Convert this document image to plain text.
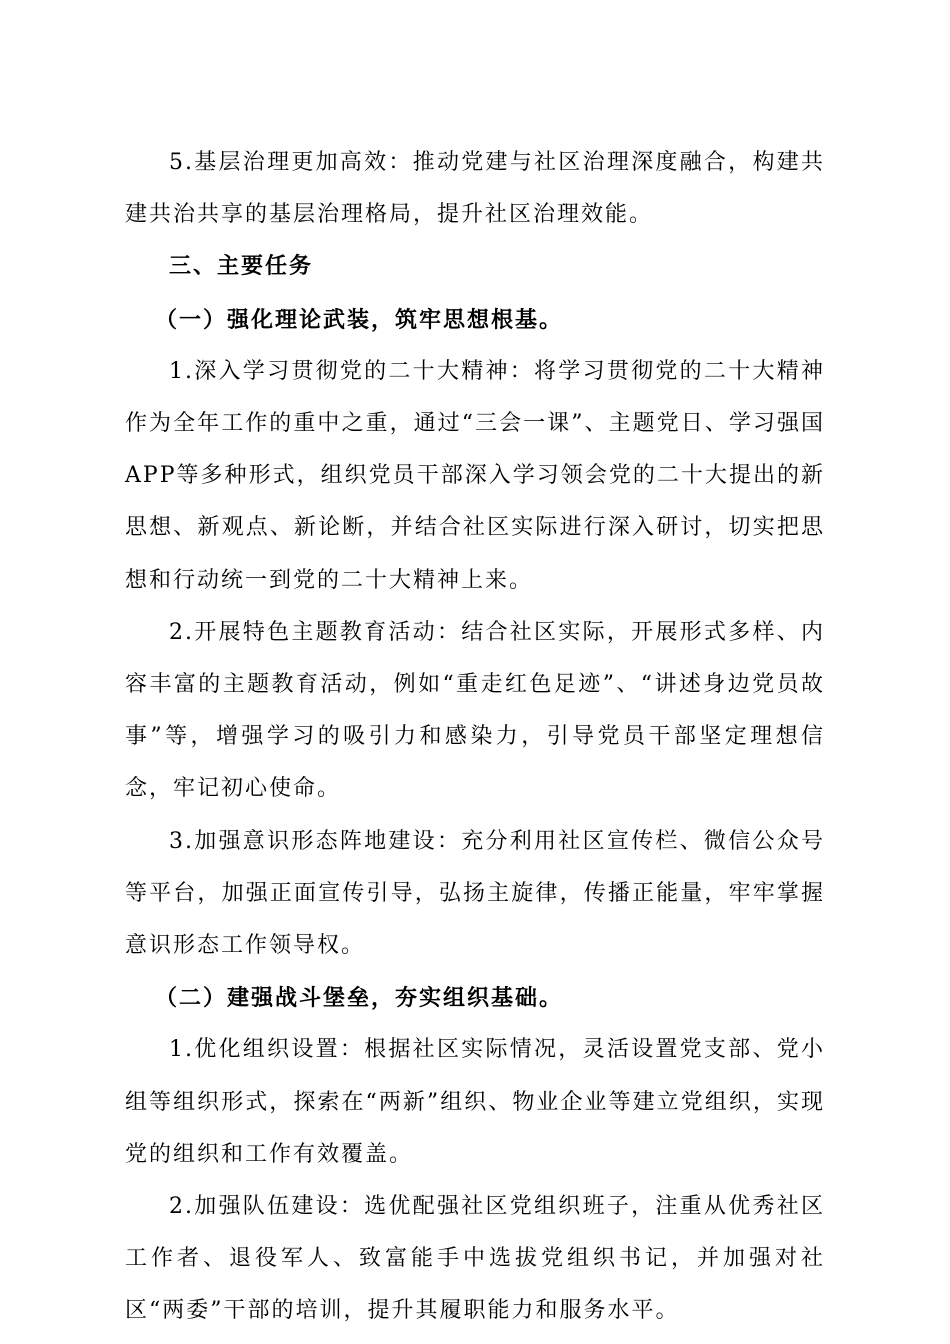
5.基层治理更加高效：推动党建与社区治理深度融合，构建共建共治共享的基层治理格局，提升社区治理效能。

三、主要任务

（一）强化理论武装，筑牢思想根基。

1.深入学习贯彻党的二十大精神：将学习贯彻党的二十大精神作为全年工作的重中之重，通过“三会一课”、主题党日、学习强国APP等多种形式，组织党员干部深入学习领会党的二十大提出的新思想、新观点、新论断，并结合社区实际进行深入研讨，切实把思想和行动统一到党的二十大精神上来。

2.开展特色主题教育活动：结合社区实际，开展形式多样、内容丰富的主题教育活动，例如“重走红色足迹”、“讲述身边党员故事”等，增强学习的吸引力和感染力，引导党员干部坚定理想信念，牢记初心使命。

3.加强意识形态阵地建设：充分利用社区宣传栏、微信公众号等平台，加强正面宣传引导，弘扬主旋律，传播正能量，牢牢掌握意识形态工作领导权。

（二）建强战斗堡垒，夯实组织基础。

1.优化组织设置：根据社区实际情况，灵活设置党支部、党小组等组织形式，探索在“两新”组织、物业企业等建立党组织，实现党的组织和工作有效覆盖。

2.加强队伍建设：选优配强社区党组织班子，注重从优秀社区工作者、退役军人、致富能手中选拔党组织书记，并加强对社区“两委”干部的培训，提升其履职能力和服务水平。
